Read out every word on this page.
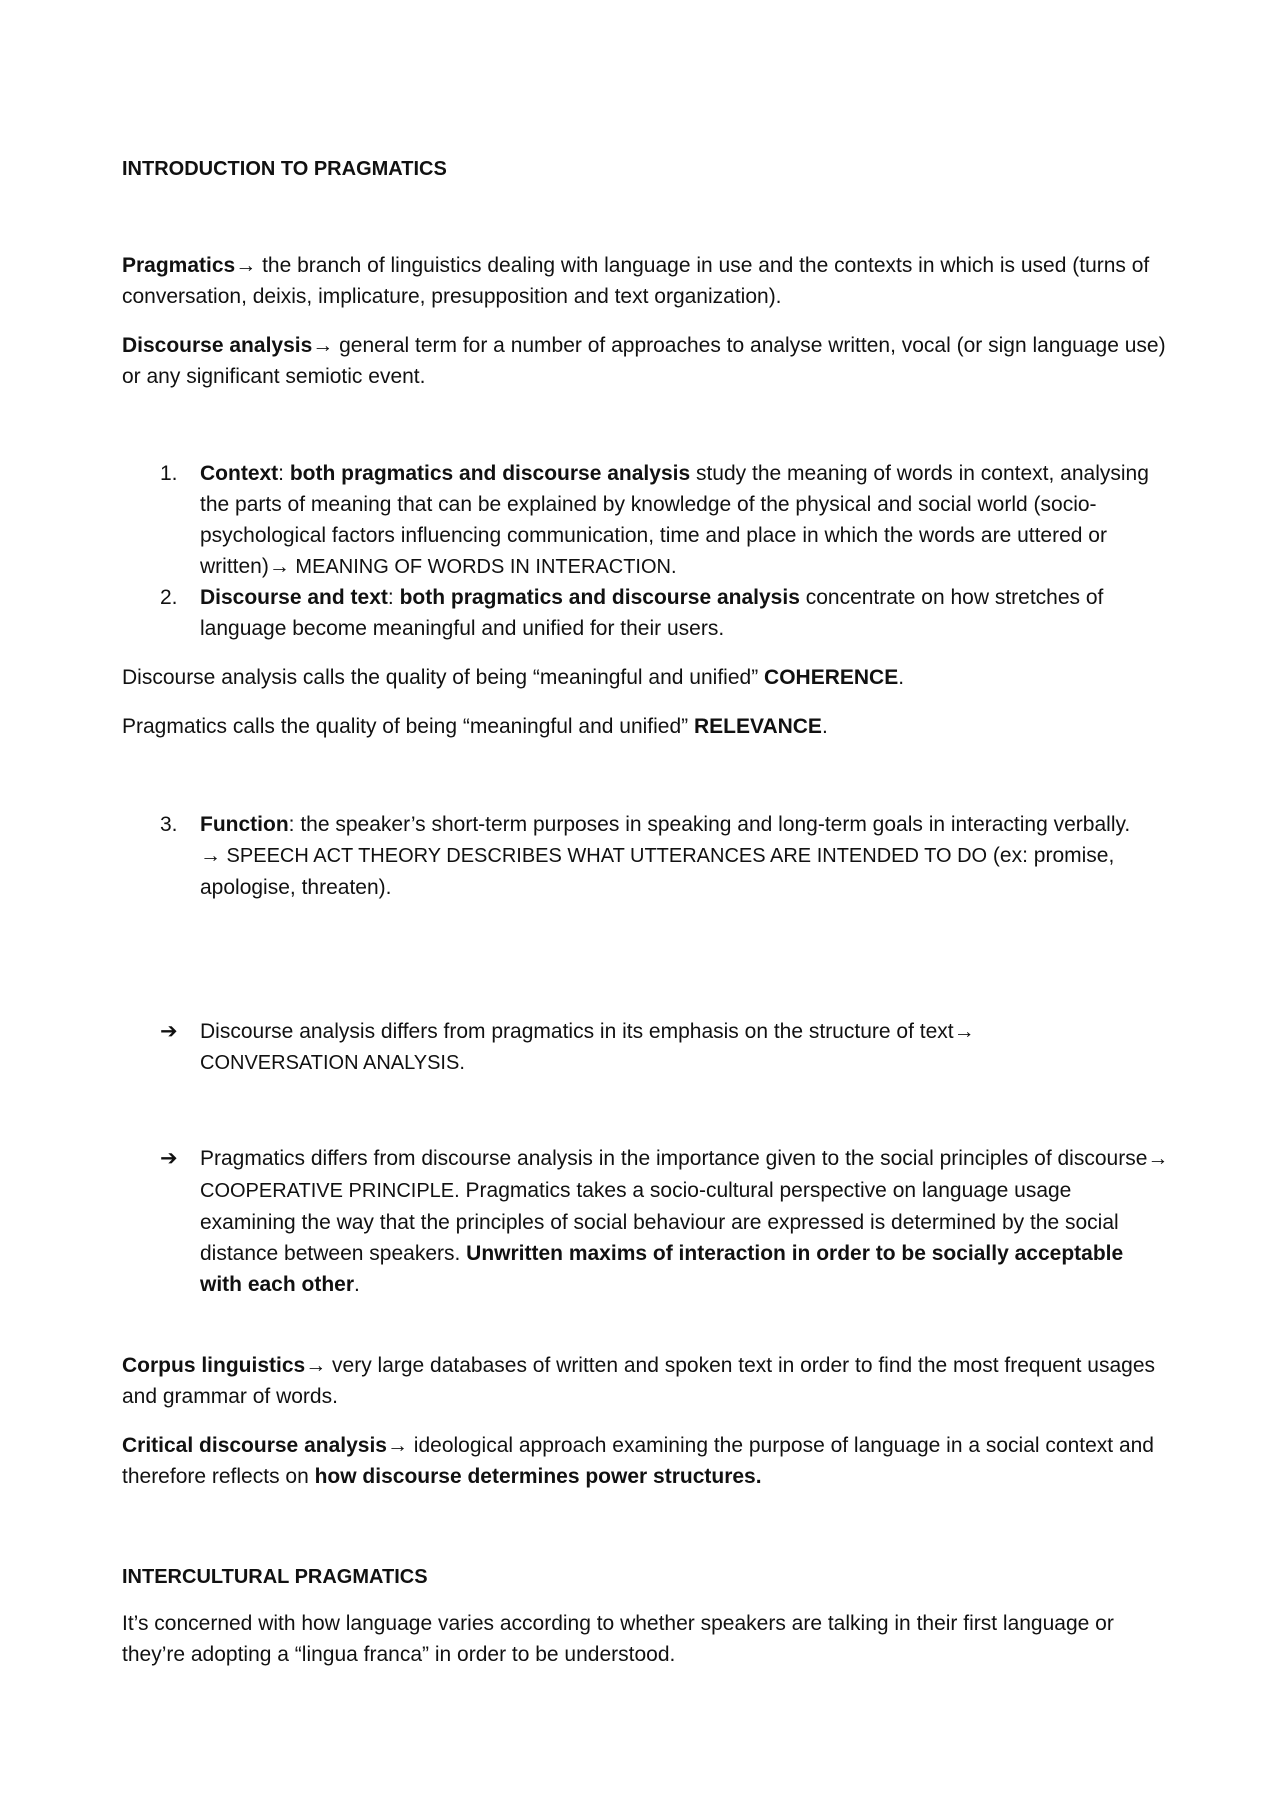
INTRODUCTION TO PRAGMATICS

Pragmatics→ the branch of linguistics dealing with language in use and the contexts in which is used (turns of conversation, deixis, implicature, presupposition and text organization).

Discourse analysis→ general term for a number of approaches to analyse written, vocal (or sign language use) or any significant semiotic event.

1.	Context: both pragmatics and discourse analysis study the meaning of words in context, analysing the parts of meaning that can be explained by knowledge of the physical and social world (socio-psychological factors influencing communication, time and place in which the words are uttered or written)→ MEANING OF WORDS IN INTERACTION.
2.	Discourse and text: both pragmatics and discourse analysis concentrate on how stretches of language become meaningful and unified for their users.

Discourse analysis calls the quality of being “meaningful and unified” COHERENCE.

Pragmatics calls the quality of being “meaningful and unified” RELEVANCE.

3.	Function: the speaker’s short-term purposes in speaking and long-term goals in interacting verbally.
→ SPEECH ACT THEORY DESCRIBES WHAT UTTERANCES ARE INTENDED TO DO (ex: promise, apologise, threaten).
➔	Discourse analysis differs from pragmatics in its emphasis on the structure of text→
CONVERSATION ANALYSIS.
➔	Pragmatics differs from discourse analysis in the importance given to the social principles of discourse→ COOPERATIVE PRINCIPLE. Pragmatics takes a socio-cultural perspective on language usage examining the way that the principles of social behaviour are expressed is determined by the social distance between speakers. Unwritten maxims of interaction in order to be socially acceptable with each other.

Corpus linguistics→ very large databases of written and spoken text in order to find the most frequent usages and grammar of words.

Critical discourse analysis→ ideological approach examining the purpose of language in a social context and therefore reflects on how discourse determines power structures.

INTERCULTURAL PRAGMATICS

It’s concerned with how language varies according to whether speakers are talking in their first language or they’re adopting a “lingua franca” in order to be understood.
